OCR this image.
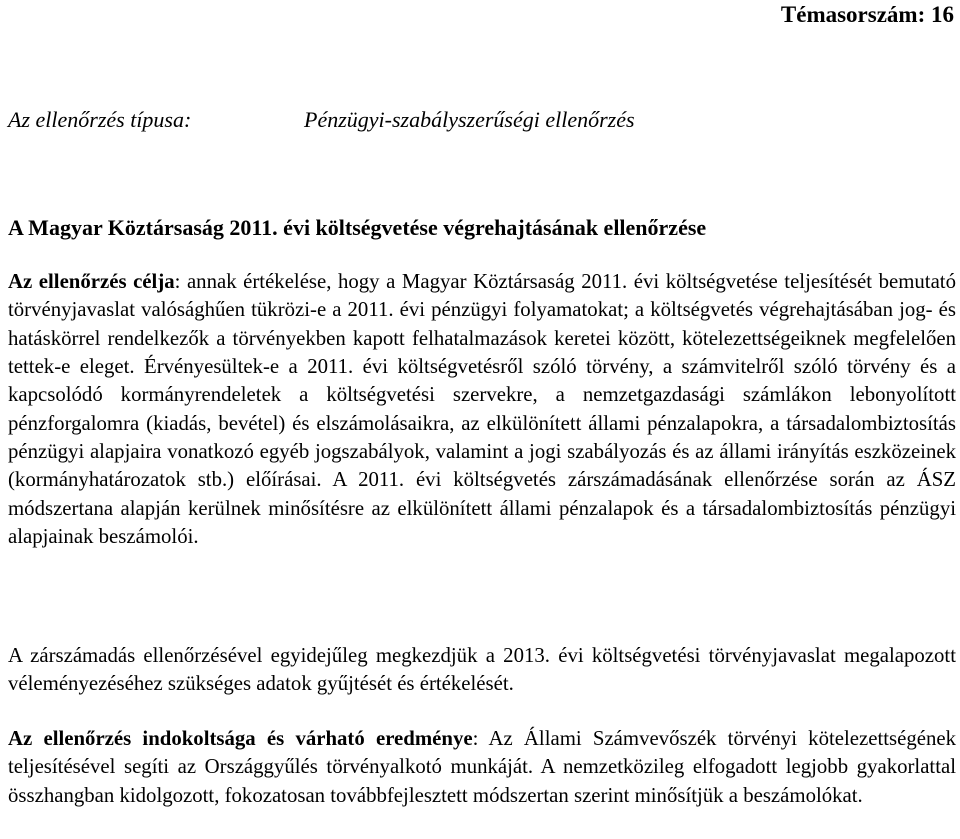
Témasorszám: 16
Az ellenőrzés típusa:	Pénzügyi-szabályszerűségi ellenőrzés
A Magyar Köztársaság 2011. évi költségvetése végrehajtásának ellenőrzése

Az ellenőrzés célja: annak értékelése, hogy a Magyar Köztársaság 2011. évi költségvetése teljesítését bemutató törvényjavaslat valósághűen tükrözi-e a 2011. évi pénzügyi folyamatokat; a költségvetés végrehajtásában jog- és hatáskörrel rendelkezők a törvényekben kapott felhatalmazások keretei között, kötelezettségeiknek megfelelően tettek-e eleget. Érvényesültek-e a 2011. évi költségvetésről szóló törvény, a számvitelről szóló törvény és a kapcsolódó kormányrendeletek a költségvetési szervekre, a nemzetgazdasági számlákon lebonyolított pénzforgalomra (kiadás, bevétel) és elszámolásaikra, az elkülönített állami pénzalapokra, a társadalombiztosítás pénzügyi alapjaira vonatkozó egyéb jogszabályok, valamint a jogi szabályozás és az állami irányítás eszközeinek (kormányhatározatok stb.) előírásai. A 2011. évi költségvetés zárszámadásának ellenőrzése során az ÁSZ módszertana alapján kerülnek minősítésre az elkülönített állami pénzalapok és a társadalombiztosítás pénzügyi alapjainak beszámolói.

A zárszámadás ellenőrzésével egyidejűleg megkezdjük a 2013. évi költségvetési törvényjavaslat megalapozott véleményezéséhez szükséges adatok gyűjtését és értékelését.

Az ellenőrzés indokoltsága és várható eredménye: Az Állami Számvevőszék törvényi kötelezettségének teljesítésével segíti az Országgyűlés törvényalkotó munkáját. A nemzetközileg elfogadott legjobb gyakorlattal összhangban kidolgozott, fokozatosan továbbfejlesztett módszertan szerint minősítjük a beszámolókat.
